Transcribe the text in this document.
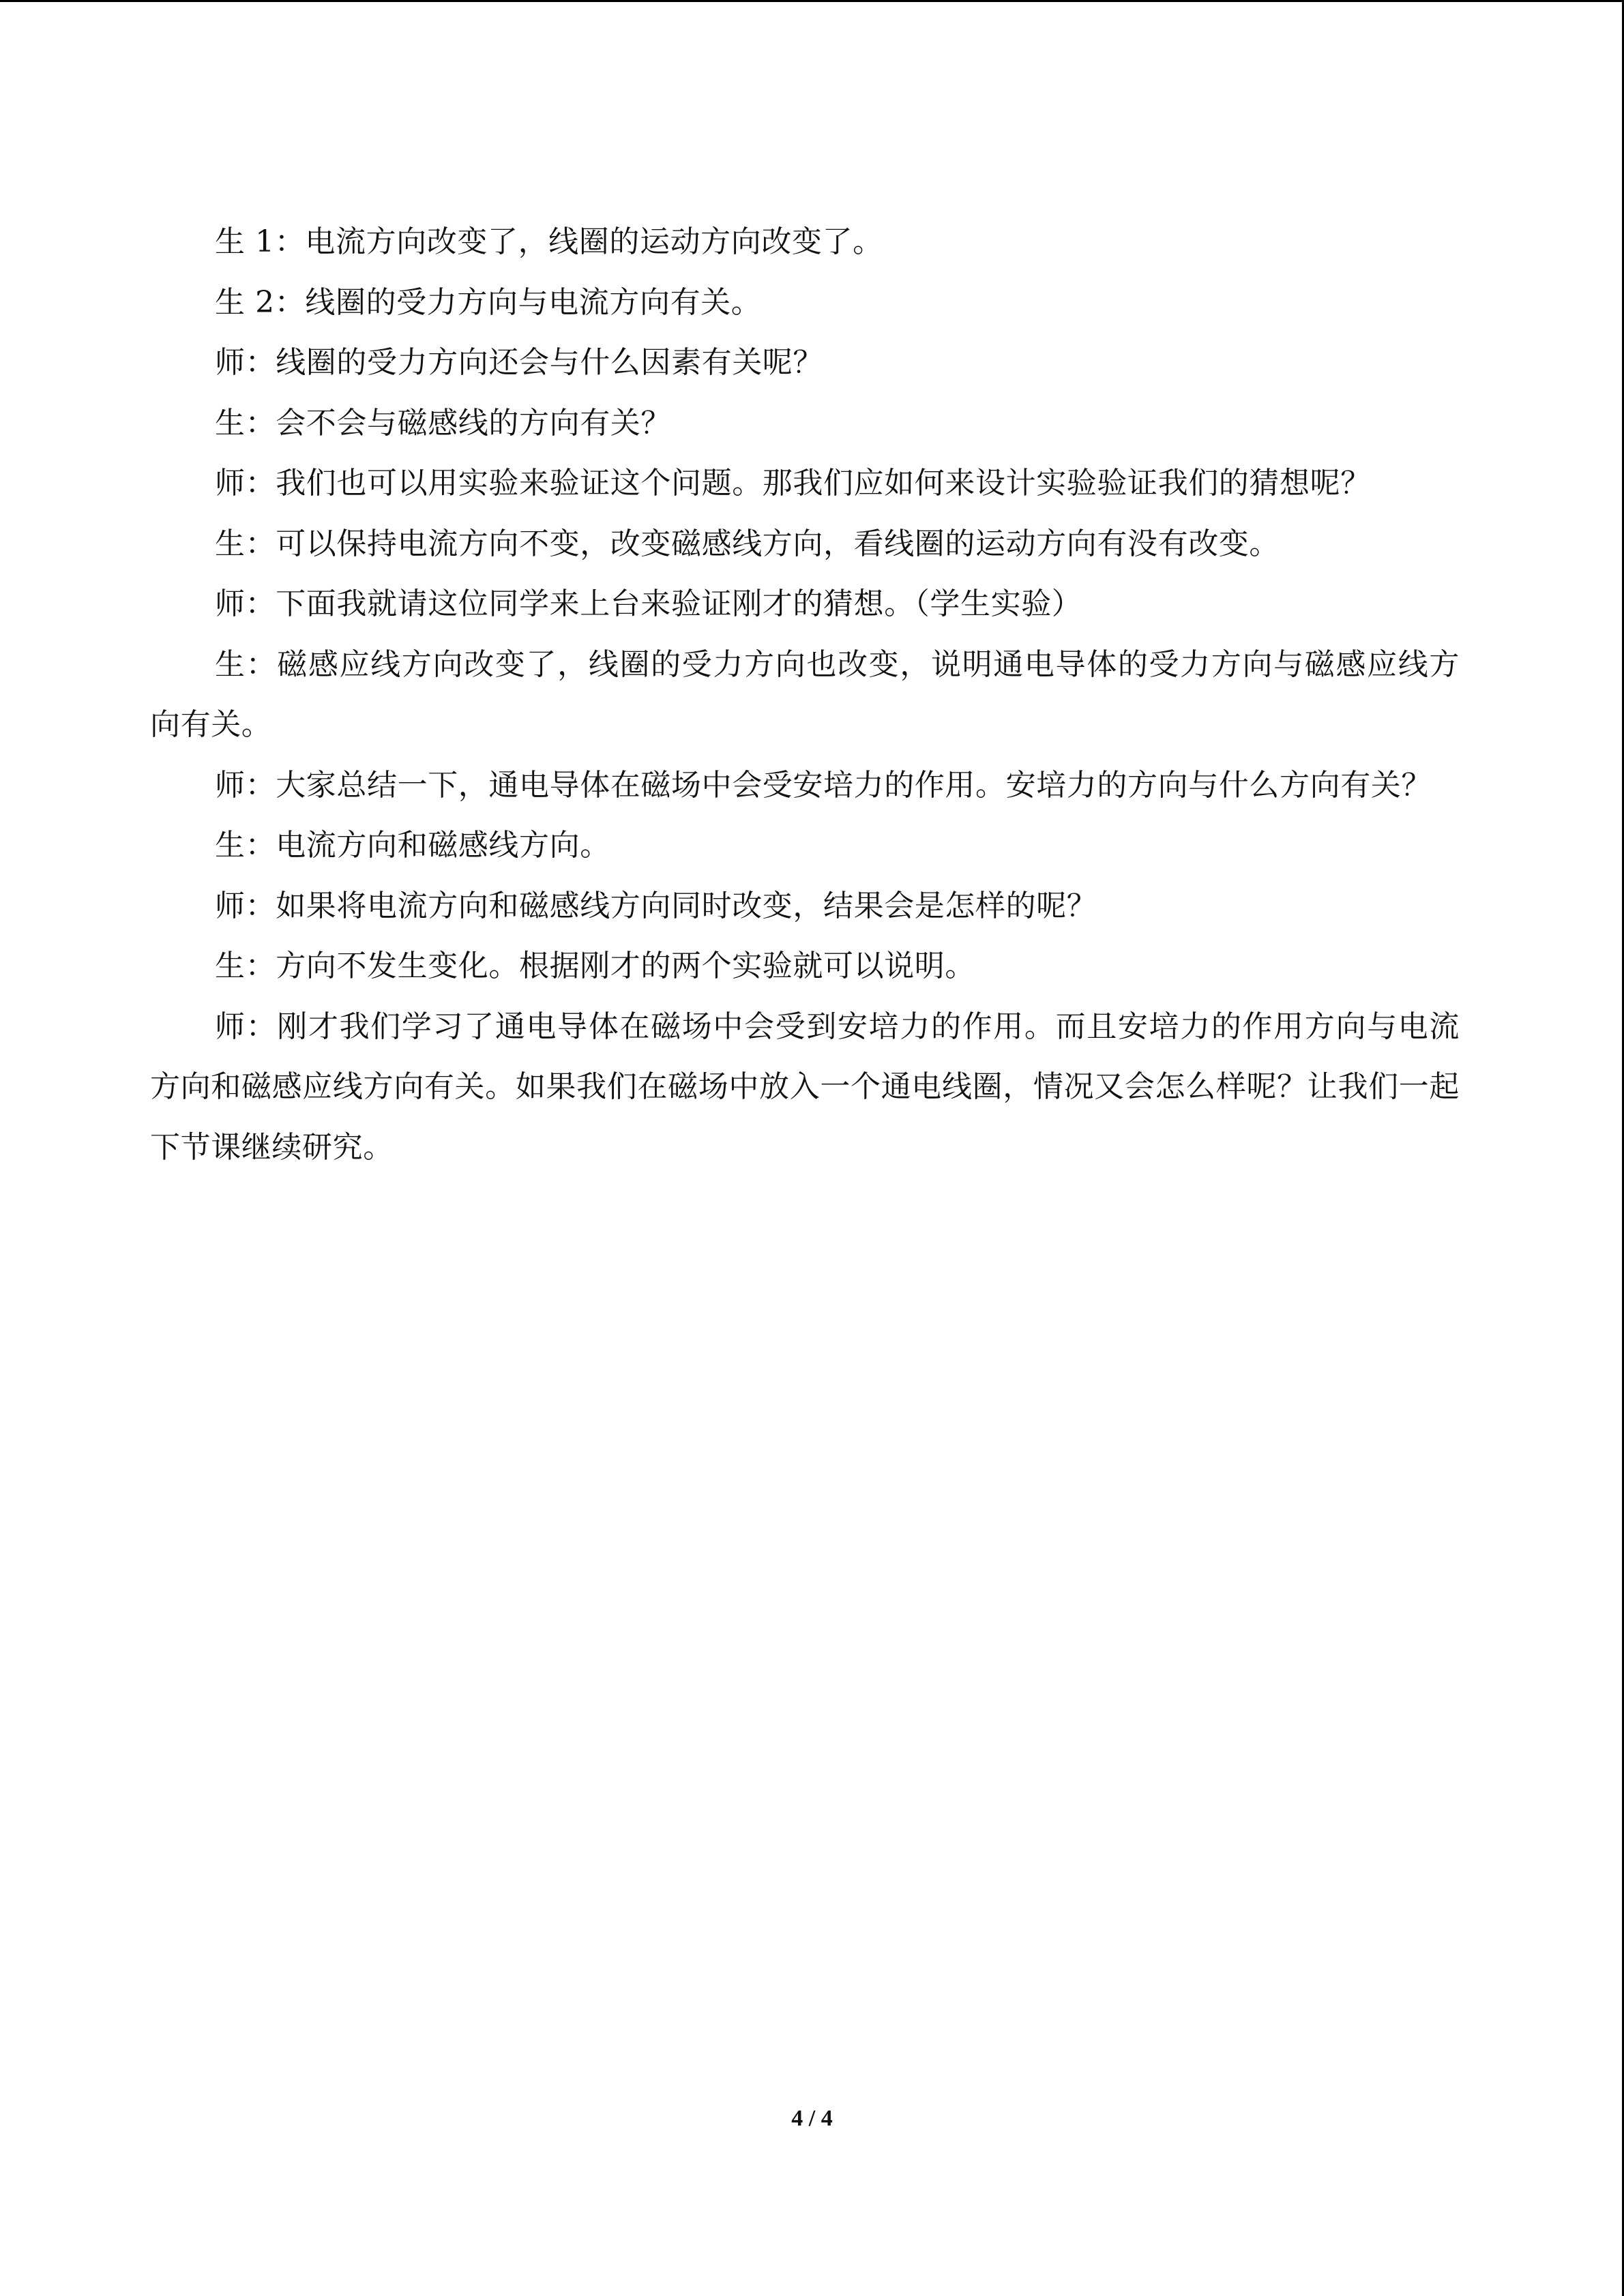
生 1：电流方向改变了，线圈的运动方向改变了。

生 2：线圈的受力方向与电流方向有关。

师：线圈的受力方向还会与什么因素有关呢？

生：会不会与磁感线的方向有关？

师：我们也可以用实验来验证这个问题。那我们应如何来设计实验验证我们的猜想呢？

生：可以保持电流方向不变，改变磁感线方向，看线圈的运动方向有没有改变。

师：下面我就请这位同学来上台来验证刚才的猜想。（学生实验）

生：磁感应线方向改变了，线圈的受力方向也改变，说明通电导体的受力方向与磁感应线方向有关。

师：大家总结一下，通电导体在磁场中会受安培力的作用。安培力的方向与什么方向有关？

生：电流方向和磁感线方向。

师：如果将电流方向和磁感线方向同时改变，结果会是怎样的呢？

生：方向不发生变化。根据刚才的两个实验就可以说明。

师：刚才我们学习了通电导体在磁场中会受到安培力的作用。而且安培力的作用方向与电流方向和磁感应线方向有关。如果我们在磁场中放入一个通电线圈，情况又会怎么样呢？让我们一起下节课继续研究。

4 / 4
